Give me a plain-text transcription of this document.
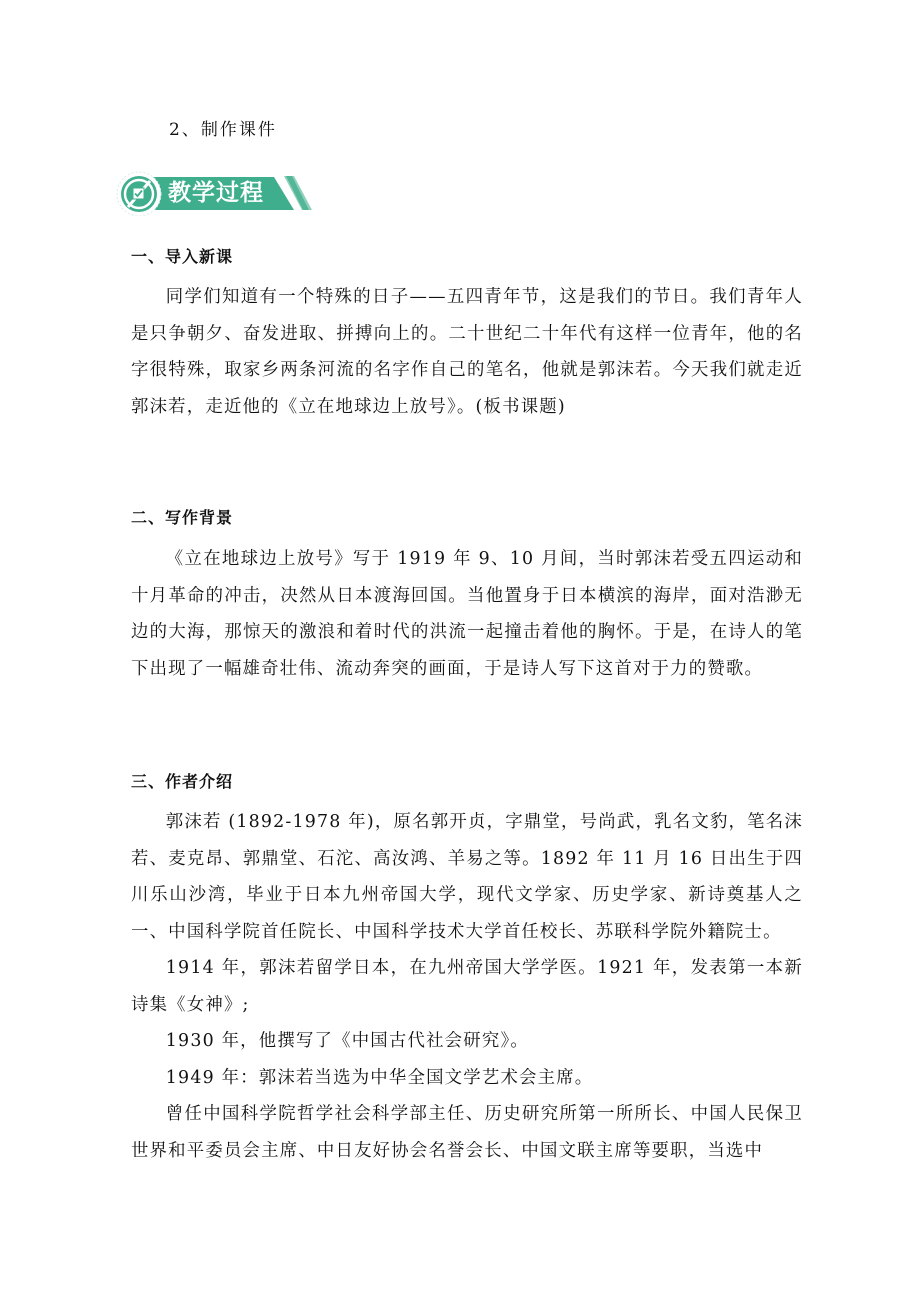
2、制作课件
教学过程
一、导入新课

同学们知道有一个特殊的日子——五四青年节，这是我们的节日。我们青年人是只争朝夕、奋发进取、拼搏向上的。二十世纪二十年代有这样一位青年，他的名字很特殊，取家乡两条河流的名字作自己的笔名，他就是郭沫若。今天我们就走近郭沫若，走近他的《立在地球边上放号》。(板书课题)

二、写作背景

《立在地球边上放号》写于 1919 年 9、10 月间，当时郭沫若受五四运动和十月革命的冲击，决然从日本渡海回国。当他置身于日本横滨的海岸，面对浩渺无边的大海，那惊天的激浪和着时代的洪流一起撞击着他的胸怀。于是，在诗人的笔下出现了一幅雄奇壮伟、流动奔突的画面，于是诗人写下这首对于力的赞歌。

三、作者介绍

郭沫若 (1892-1978 年)，原名郭开贞，字鼎堂，号尚武，乳名文豹，笔名沫若、麦克昂、郭鼎堂、石沱、高汝鸿、羊易之等。1892 年 11 月 16 日出生于四川乐山沙湾，毕业于日本九州帝国大学，现代文学家、历史学家、新诗奠基人之一、中国科学院首任院长、中国科学技术大学首任校长、苏联科学院外籍院士。

1914 年，郭沫若留学日本，在九州帝国大学学医。1921 年，发表第一本新诗集《女神》;

1930 年，他撰写了《中国古代社会研究》。

1949 年：郭沫若当选为中华全国文学艺术会主席。

曾任中国科学院哲学社会科学部主任、历史研究所第一所所长、中国人民保卫世界和平委员会主席、中日友好协会名誉会长、中国文联主席等要职，当选中
